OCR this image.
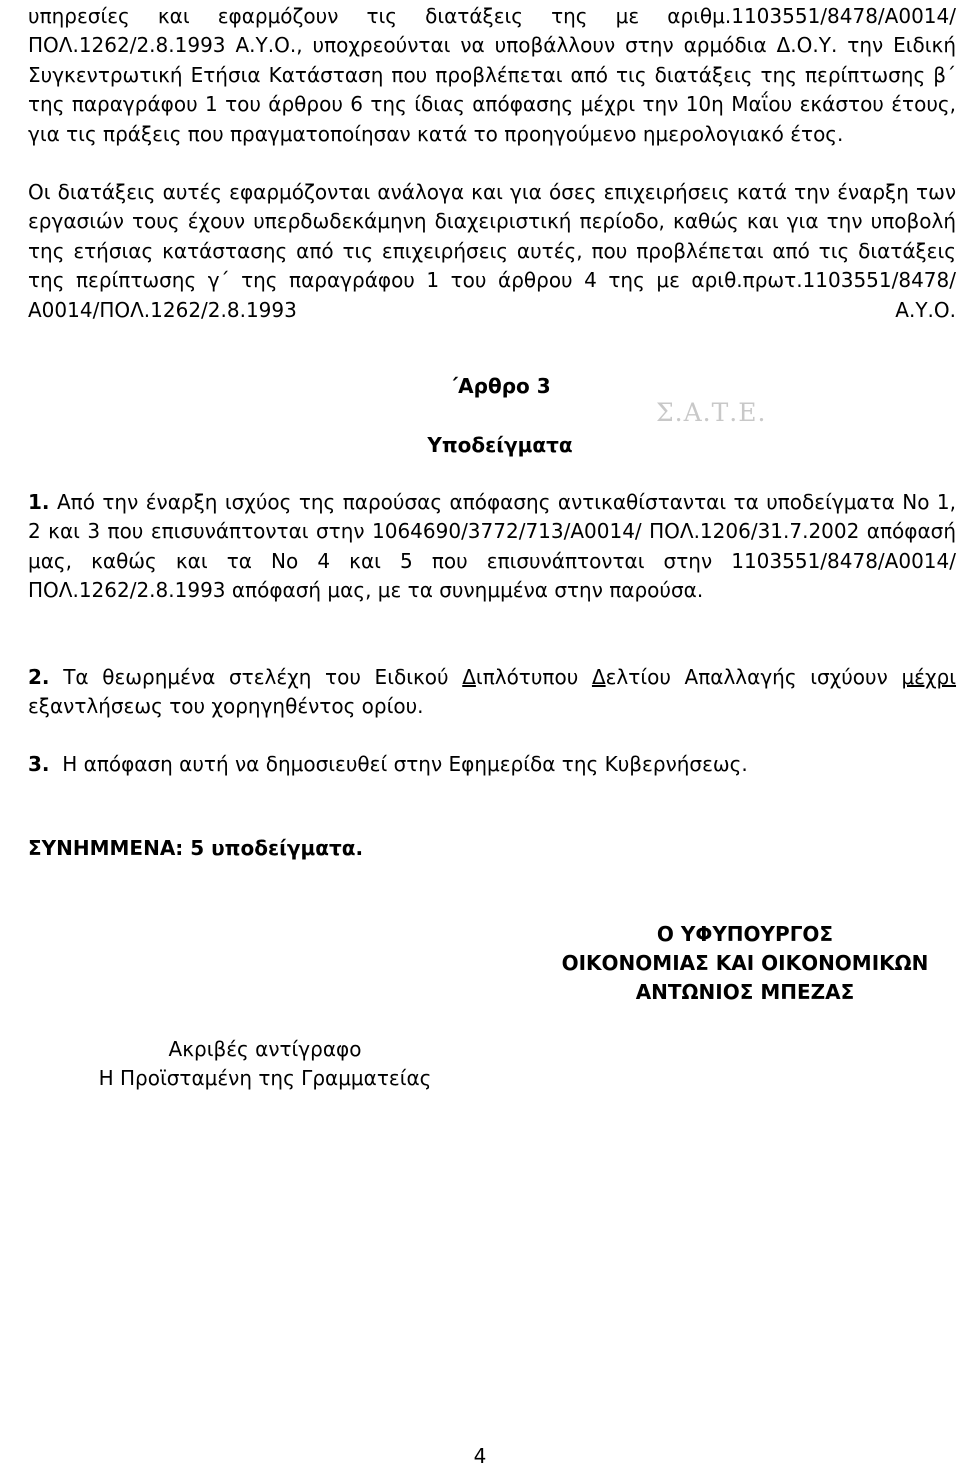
υπηρεσίες και εφαρμόζουν τις διατάξεις της με αριθμ.1103551/8478/Α0014/ΠΟΛ.1262/2.8.1993 Α.Υ.Ο., υποχρεούνται να υποβάλλουν στην αρμόδια Δ.Ο.Υ. την Ειδική Συγκεντρωτική Ετήσια Κατάσταση που προβλέπεται από τις διατάξεις της περίπτωσης β΄ της παραγράφου 1 του άρθρου 6 της ίδιας απόφασης μέχρι την 10η Μαΐου εκάστου έτους, για τις πράξεις που πραγματοποίησαν κατά το προηγούμενο ημερολογιακό έτος.

Οι διατάξεις αυτές εφαρμόζονται ανάλογα και για όσες επιχειρήσεις κατά την έναρξη των εργασιών τους έχουν υπερδωδεκάμηνη διαχειριστική περίοδο, καθώς και για την υποβολή της ετήσιας κατάστασης από τις επιχειρήσεις αυτές, που προβλέπεται από τις διατάξεις της περίπτωσης γ΄ της παραγράφου 1 του άρθρου 4 της με αριθ.πρωτ.1103551/8478/ Α0014/ΠΟΛ.1262/2.8.1993 Α.Υ.Ο.

΄Αρθρο 3
Υποδείγματα
Σ.Α.Τ.Ε.

1. Από την έναρξη ισχύος της παρούσας απόφασης αντικαθίστανται τα υποδείγματα Νο 1, 2 και 3 που επισυνάπτονται στην 1064690/3772/713/Α0014/ ΠΟΛ.1206/31.7.2002 απόφασή μας, καθώς και τα Νο 4 και 5 που επισυνάπτονται στην 1103551/8478/Α0014/ΠΟΛ.1262/2.8.1993 απόφασή μας, με τα συνημμένα στην παρούσα.

2. Τα θεωρημένα στελέχη του Ειδικού Διπλότυπου Δελτίου Απαλλαγής ισχύουν μέχρι εξαντλήσεως του χορηγηθέντος ορίου.

3. Η απόφαση αυτή να δημοσιευθεί στην Εφημερίδα της Κυβερνήσεως.

ΣΥΝΗΜΜΕΝΑ: 5 υποδείγματα.
Ο ΥΦΥΠΟΥΡΓΟΣ
ΟΙΚΟΝΟΜΙΑΣ ΚΑΙ ΟΙΚΟΝΟΜΙΚΩΝ
ΑΝΤΩΝΙΟΣ ΜΠΕΖΑΣ
Ακριβές αντίγραφο
Η Προϊσταμένη της Γραμματείας
4
